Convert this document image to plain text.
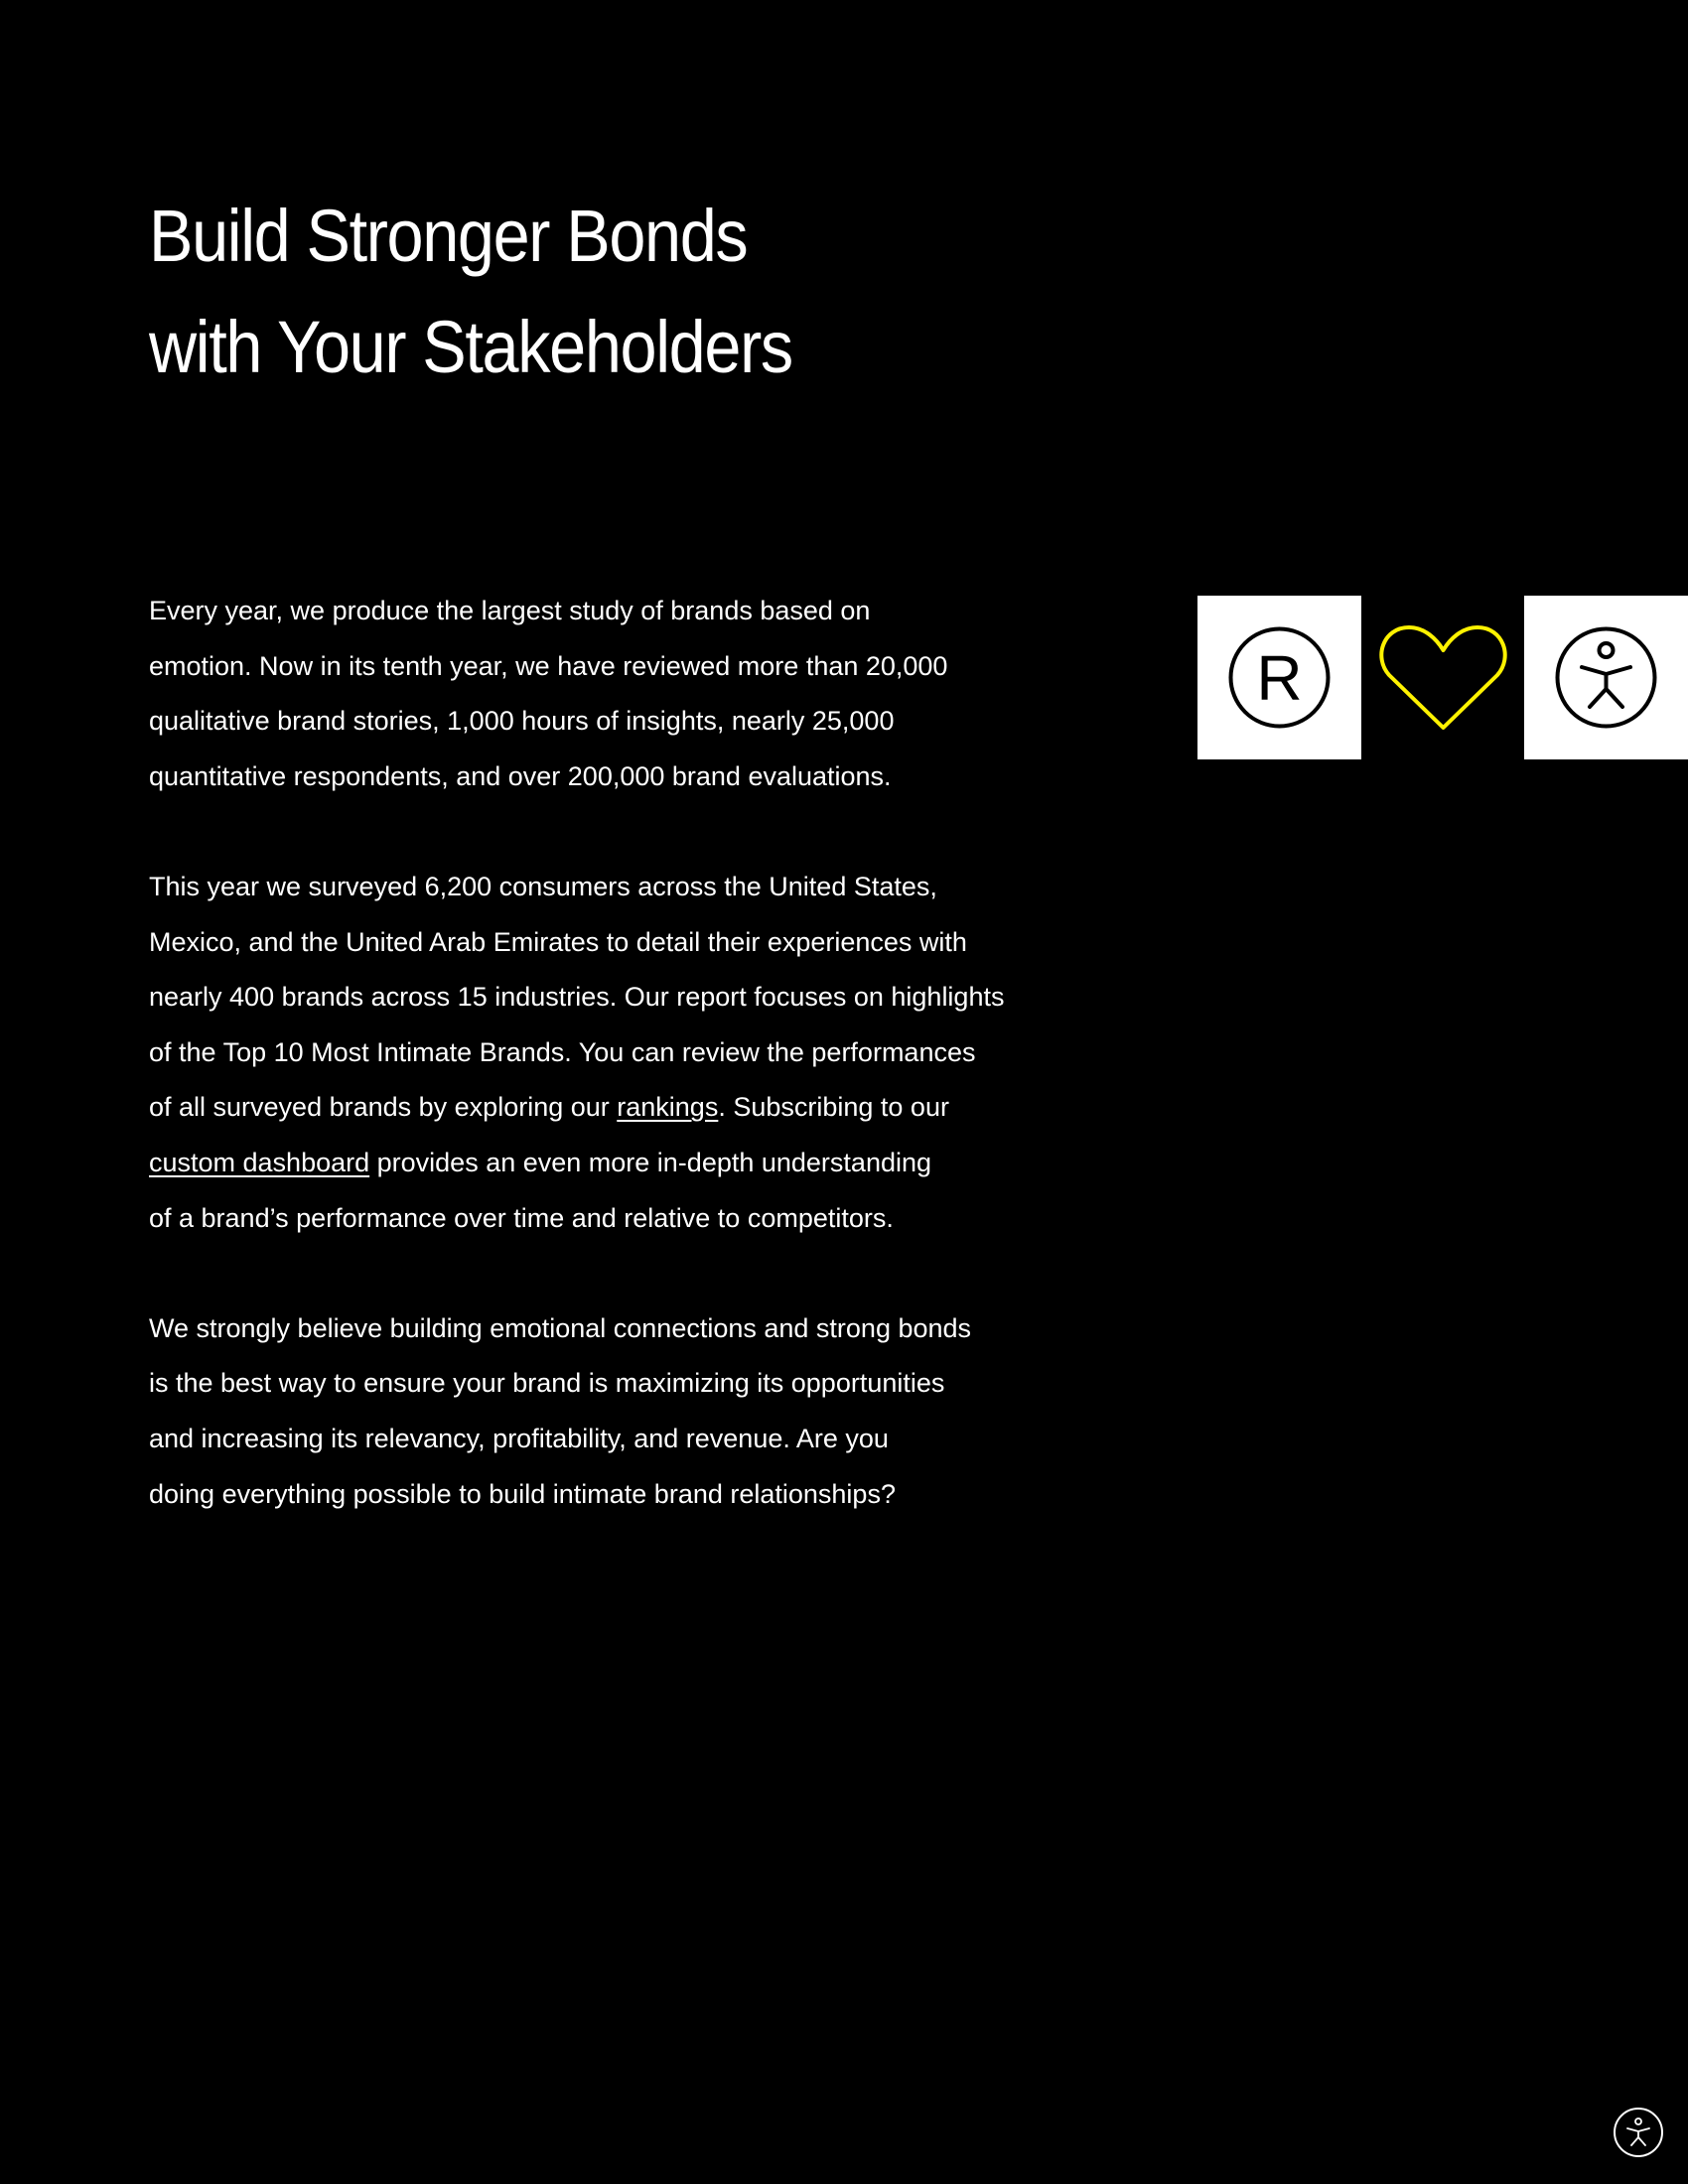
Build Stronger Bonds
with Your Stakeholders

Every year, we produce the largest study of brands based on
emotion. Now in its tenth year, we have reviewed more than 20,000
qualitative brand stories, 1,000 hours of insights, nearly 25,000
quantitative respondents, and over 200,000 brand evaluations.

This year we surveyed 6,200 consumers across the United States,
Mexico, and the United Arab Emirates to detail their experiences with
nearly 400 brands across 15 industries. Our report focuses on highlights
of the Top 10 Most Intimate Brands. You can review the performances
of all surveyed brands by exploring our rankings. Subscribing to our
custom dashboard provides an even more in-depth understanding
of a brand’s performance over time and relative to competitors.

We strongly believe building emotional connections and strong bonds
is the best way to ensure your brand is maximizing its opportunities
and increasing its relevancy, profitability, and revenue. Are you
doing everything possible to build intimate brand relationships?

R
